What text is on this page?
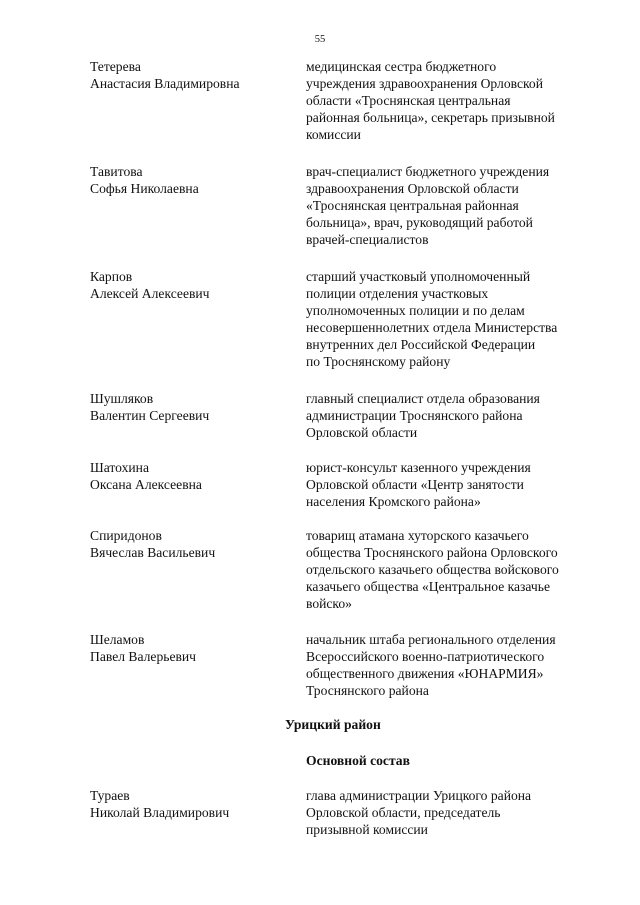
55
Тетерева
Анастасия Владимировна
медицинская сестра бюджетного
учреждения здравоохранения Орловской
области «Троснянская центральная
районная больница», секретарь призывной
комиссии
Тавитова
Софья Николаевна
врач-специалист бюджетного учреждения
здравоохранения Орловской области
«Троснянская центральная районная
больница», врач, руководящий работой
врачей-специалистов
Карпов
Алексей Алексеевич
старший участковый уполномоченный
полиции отделения участковых
уполномоченных полиции и по делам
несовершеннолетних отдела Министерства
внутренних дел Российской Федерации
по Троснянскому району
Шушляков
Валентин Сергеевич
главный специалист отдела образования
администрации Троснянского района
Орловской области
Шатохина
Оксана Алексеевна
юрист-консульт казенного учреждения
Орловской области «Центр занятости
населения Кромского района»
Спиридонов
Вячеслав Васильевич
товарищ атамана хуторского казачьего
общества Троснянского района Орловского
отдельского казачьего общества войскового
казачьего общества «Центральное казачье
войско»
Шеламов
Павел Валерьевич
начальник штаба регионального отделения
Всероссийского военно-патриотического
общественного движения «ЮНАРМИЯ»
Троснянского района
Урицкий район
Основной состав
Тураев
Николай Владимирович
глава администрации Урицкого района
Орловской области, председатель
призывной комиссии
